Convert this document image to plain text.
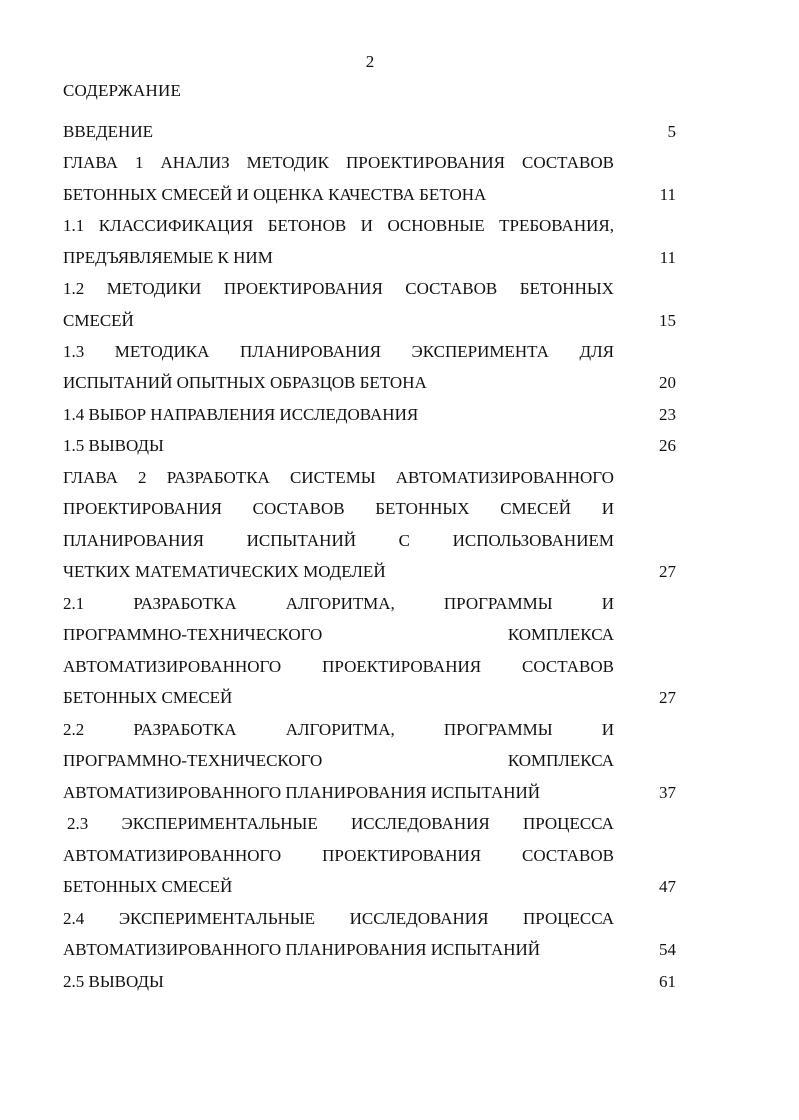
2
СОДЕРЖАНИЕ
ВВЕДЕНИЕ	5
ГЛАВА 1 АНАЛИЗ МЕТОДИК ПРОЕКТИРОВАНИЯ СОСТАВОВ
БЕТОННЫХ СМЕСЕЙ И ОЦЕНКА КАЧЕСТВА БЕТОНА	11
1.1 КЛАССИФИКАЦИЯ БЕТОНОВ И ОСНОВНЫЕ ТРЕБОВАНИЯ,
ПРЕДЪЯВЛЯЕМЫЕ К НИМ	11
1.2 МЕТОДИКИ ПРОЕКТИРОВАНИЯ СОСТАВОВ БЕТОННЫХ
СМЕСЕЙ	15
1.3 МЕТОДИКА ПЛАНИРОВАНИЯ ЭКСПЕРИМЕНТА ДЛЯ
ИСПЫТАНИЙ ОПЫТНЫХ ОБРАЗЦОВ БЕТОНА	20
1.4 ВЫБОР НАПРАВЛЕНИЯ ИССЛЕДОВАНИЯ	23
1.5 ВЫВОДЫ	26
ГЛАВА 2 РАЗРАБОТКА СИСТЕМЫ АВТОМАТИЗИРОВАННОГО
ПРОЕКТИРОВАНИЯ СОСТАВОВ БЕТОННЫХ СМЕСЕЙ И
ПЛАНИРОВАНИЯ	ИСПЫТАНИЙ	С	ИСПОЛЬЗОВАНИЕМ
ЧЕТКИХ МАТЕМАТИЧЕСКИХ МОДЕЛЕЙ	27
2.1	РАЗРАБОТКА	АЛГОРИТМА,	ПРОГРАММЫ	И
ПРОГРАММНО-ТЕХНИЧЕСКОГО	КОМПЛЕКСА
АВТОМАТИЗИРОВАННОГО ПРОЕКТИРОВАНИЯ СОСТАВОВ
БЕТОННЫХ СМЕСЕЙ	27
2.2	РАЗРАБОТКА	АЛГОРИТМА,	ПРОГРАММЫ	И
ПРОГРАММНО-ТЕХНИЧЕСКОГО	КОМПЛЕКСА
АВТОМАТИЗИРОВАННОГО ПЛАНИРОВАНИЯ ИСПЫТАНИЙ	37
2.3 ЭКСПЕРИМЕНТАЛЬНЫЕ ИССЛЕДОВАНИЯ ПРОЦЕССА
АВТОМАТИЗИРОВАННОГО ПРОЕКТИРОВАНИЯ СОСТАВОВ
БЕТОННЫХ СМЕСЕЙ	47
2.4 ЭКСПЕРИМЕНТАЛЬНЫЕ ИССЛЕДОВАНИЯ ПРОЦЕССА
АВТОМАТИЗИРОВАННОГО ПЛАНИРОВАНИЯ ИСПЫТАНИЙ	54
2.5 ВЫВОДЫ	61
